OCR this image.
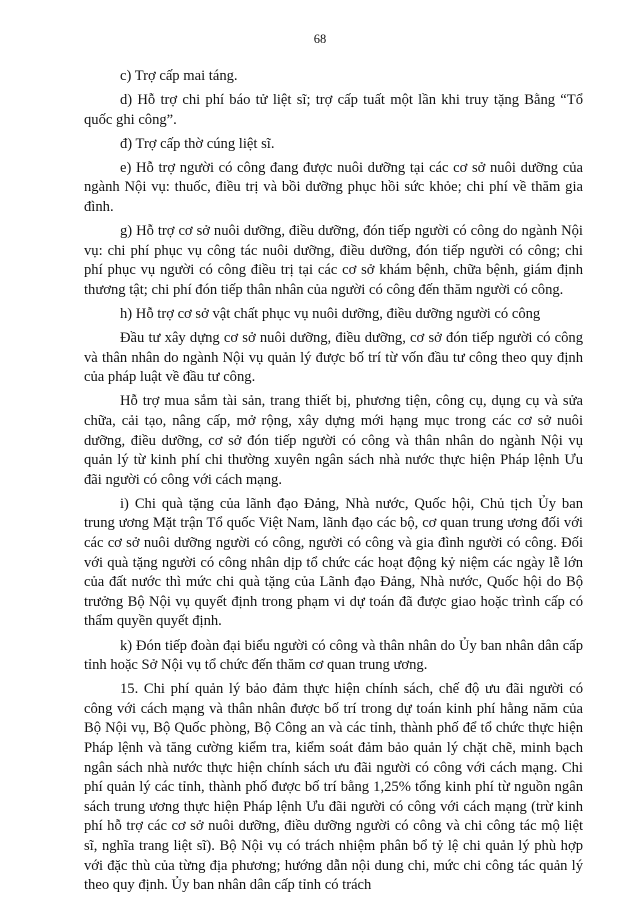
68

c) Trợ cấp mai táng.

d) Hỗ trợ chi phí báo tử liệt sĩ; trợ cấp tuất một lần khi truy tặng Bằng “Tổ quốc ghi công”.

đ) Trợ cấp thờ cúng liệt sĩ.

e) Hỗ trợ người có công đang được nuôi dưỡng tại các cơ sở nuôi dưỡng của ngành Nội vụ: thuốc, điều trị và bồi dưỡng phục hồi sức khỏe; chi phí về thăm gia đình.

g) Hỗ trợ cơ sở nuôi dưỡng, điều dưỡng, đón tiếp người có công do ngành Nội vụ: chi phí phục vụ công tác nuôi dưỡng, điều dưỡng, đón tiếp người có công; chi phí phục vụ người có công điều trị tại các cơ sở khám bệnh, chữa bệnh, giám định thương tật; chi phí đón tiếp thân nhân của người có công đến thăm người có công.

h) Hỗ trợ cơ sở vật chất phục vụ nuôi dưỡng, điều dưỡng người có công

Đầu tư xây dựng cơ sở nuôi dưỡng, điều dưỡng, cơ sở đón tiếp người có công và thân nhân do ngành Nội vụ quản lý được bố trí từ vốn đầu tư công theo quy định của pháp luật về đầu tư công.

Hỗ trợ mua sắm tài sản, trang thiết bị, phương tiện, công cụ, dụng cụ và sửa chữa, cải tạo, nâng cấp, mở rộng, xây dựng mới hạng mục trong các cơ sở nuôi dưỡng, điều dưỡng, cơ sở đón tiếp người có công và thân nhân do ngành Nội vụ quản lý từ kinh phí chi thường xuyên ngân sách nhà nước thực hiện Pháp lệnh Ưu đãi người có công với cách mạng.

i) Chi quà tặng của lãnh đạo Đảng, Nhà nước, Quốc hội, Chủ tịch Ủy ban trung ương Mặt trận Tổ quốc Việt Nam, lãnh đạo các bộ, cơ quan trung ương đối với các cơ sở nuôi dưỡng người có công, người có công và gia đình người có công. Đối với quà tặng người có công nhân dịp tổ chức các hoạt động kỷ niệm các ngày lễ lớn của đất nước thì mức chi quà tặng của Lãnh đạo Đảng, Nhà nước, Quốc hội do Bộ trưởng Bộ Nội vụ quyết định trong phạm vi dự toán đã được giao hoặc trình cấp có thẩm quyền quyết định.

k) Đón tiếp đoàn đại biểu người có công và thân nhân do Ủy ban nhân dân cấp tỉnh hoặc Sở Nội vụ tổ chức đến thăm cơ quan trung ương.

15. Chi phí quản lý bảo đảm thực hiện chính sách, chế độ ưu đãi người có công với cách mạng và thân nhân được bố trí trong dự toán kinh phí hằng năm của Bộ Nội vụ, Bộ Quốc phòng, Bộ Công an và các tỉnh, thành phố để tổ chức thực hiện Pháp lệnh và tăng cường kiểm tra, kiểm soát đảm bảo quản lý chặt chẽ, minh bạch ngân sách nhà nước thực hiện chính sách ưu đãi người có công với cách mạng. Chi phí quản lý các tỉnh, thành phố được bố trí bằng 1,25% tổng kinh phí từ nguồn ngân sách trung ương thực hiện Pháp lệnh Ưu đãi người có công với cách mạng (trừ kinh phí hỗ trợ các cơ sở nuôi dưỡng, điều dưỡng người có công và chi công tác mộ liệt sĩ, nghĩa trang liệt sĩ). Bộ Nội vụ có trách nhiệm phân bổ tỷ lệ chi quản lý phù hợp với đặc thù của từng địa phương; hướng dẫn nội dung chi, mức chi công tác quản lý theo quy định. Ủy ban nhân dân cấp tỉnh có trách
